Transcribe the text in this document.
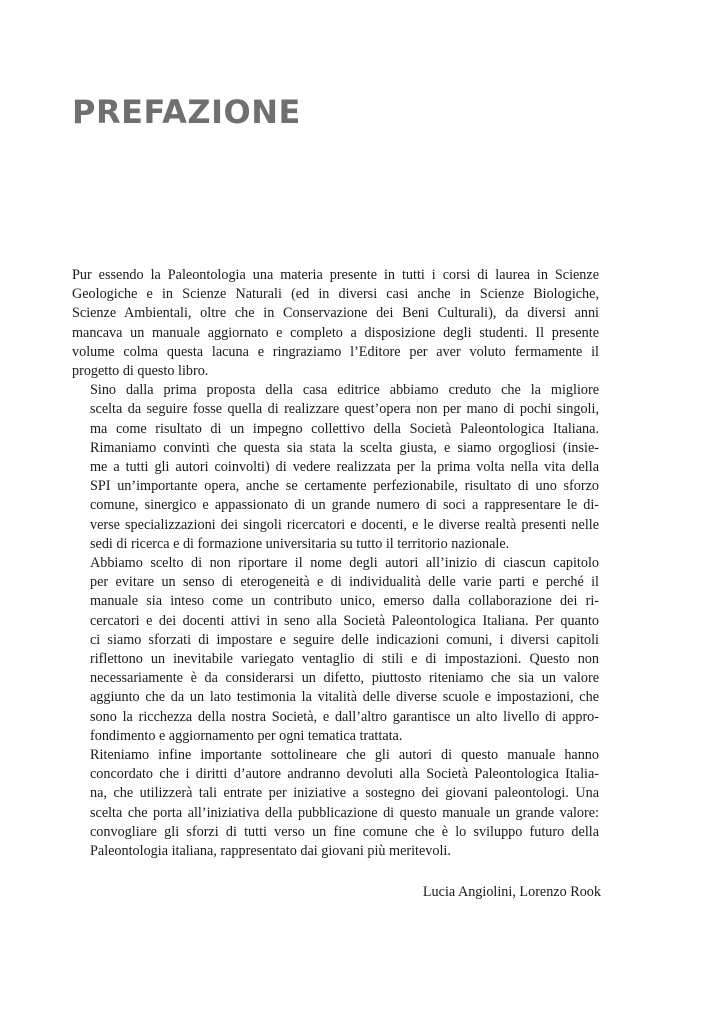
PREFAZIONE

Pur essendo la Paleontologia una materia presente in tutti i corsi di laurea in Scienze
Geologiche e in Scienze Naturali (ed in diversi casi anche in Scienze Biologiche,
Scienze Ambientali, oltre che in Conservazione dei Beni Culturali), da diversi anni
mancava un manuale aggiornato e completo a disposizione degli studenti. Il presente
volume colma questa lacuna e ringraziamo l’Editore per aver voluto fermamente il
progetto di questo libro.

Sino dalla prima proposta della casa editrice abbiamo creduto che la migliore
scelta da seguire fosse quella di realizzare quest’opera non per mano di pochi singoli,
ma come risultato di un impegno collettivo della Società Paleontologica Italiana.
Rimaniamo convinti che questa sia stata la scelta giusta, e siamo orgogliosi (insie-
me a tutti gli autori coinvolti) di vedere realizzata per la prima volta nella vita della
SPI un’importante opera, anche se certamente perfezionabile, risultato di uno sforzo
comune, sinergico e appassionato di un grande numero di soci a rappresentare le di-
verse specializzazioni dei singoli ricercatori e docenti, e le diverse realtà presenti nelle
sedi di ricerca e di formazione universitaria su tutto il territorio nazionale.

Abbiamo scelto di non riportare il nome degli autori all’inizio di ciascun capitolo
per evitare un senso di eterogeneità e di individualità delle varie parti e perché il
manuale sia inteso come un contributo unico, emerso dalla collaborazione dei ri-
cercatori e dei docenti attivi in seno alla Società Paleontologica Italiana. Per quanto
ci siamo sforzati di impostare e seguire delle indicazioni comuni, i diversi capitoli
riflettono un inevitabile variegato ventaglio di stili e di impostazioni. Questo non
necessariamente è da considerarsi un difetto, piuttosto riteniamo che sia un valore
aggiunto che da un lato testimonia la vitalità delle diverse scuole e impostazioni, che
sono la ricchezza della nostra Società, e dall’altro garantisce un alto livello di appro-
fondimento e aggiornamento per ogni tematica trattata.

Riteniamo infine importante sottolineare che gli autori di questo manuale hanno
concordato che i diritti d’autore andranno devoluti alla Società Paleontologica Italia-
na, che utilizzerà tali entrate per iniziative a sostegno dei giovani paleontologi. Una
scelta che porta all’iniziativa della pubblicazione di questo manuale un grande valore:
convogliare gli sforzi di tutti verso un fine comune che è lo sviluppo futuro della
Paleontologia italiana, rappresentato dai giovani più meritevoli.

Lucia Angiolini, Lorenzo Rook
